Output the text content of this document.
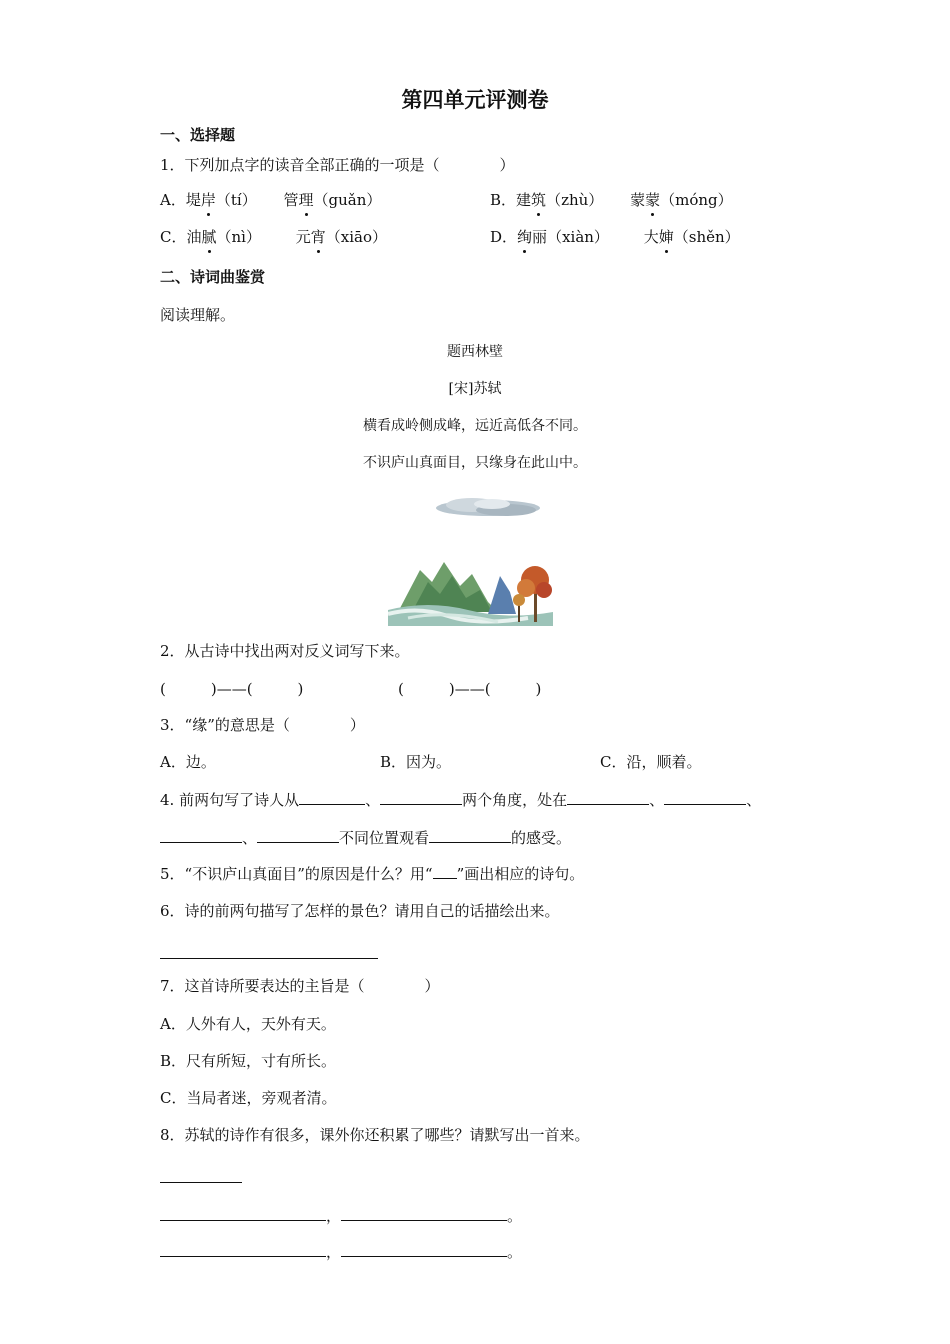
第四单元评测卷
一、选择题
1．下列加点字的读音全部正确的一项是（　　　　）
A．堤岸（tí） 管理（guǎn）	B．建筑（zhù） 蒙蒙（móng）
C．油腻（nì） 元宵（xiāo）	D．绚丽（xiàn） 大婶（shěn）
二、诗词曲鉴赏
阅读理解。
题西林壁
[宋]苏轼
横看成岭侧成峰，远近高低各不同。
不识庐山真面目，只缘身在此山中。
2．从古诗中找出两对反义词写下来。
(　　　)——(　　　)	(　　　)——(　　　)
3．“缘”的意思是（　　　　）
A．边。	B．因为。	C．沿，顺着。
4. 前两句写了诗人从	、	两个角度，处在	、	、
、	不同位置观看	的感受。
5．“不识庐山真面目”的原因是什么？用“ ”画出相应的诗句。
6．诗的前两句描写了怎样的景色？请用自己的话描绘出来。
7．这首诗所要表达的主旨是（　　　　）
A．人外有人，天外有天。
B．尺有所短，寸有所长。
C．当局者迷，旁观者清。
8．苏轼的诗作有很多，课外你还积累了哪些？请默写出一首来。
，	。
，	。
